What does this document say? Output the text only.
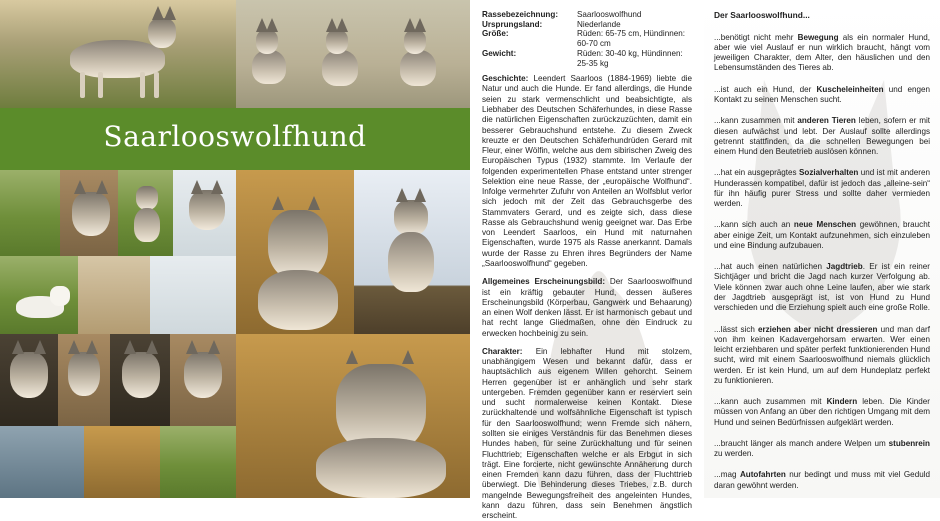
Saarlooswolfhund
Rassebezeichnung:	Saarlooswolfhund
Ursprungsland:	Niederlande
Größe:	Rüden: 65-75 cm, Hündinnen: 60-70 cm
Gewicht:	Rüden: 30-40 kg, Hündinnen: 25-35 kg

Geschichte: Leendert Saarloos (1884-1969) liebte die Natur und auch die Hunde. Er fand allerdings, die Hunde seien zu stark vermenschlicht und beabsichtigte, als Liebhaber des Deutschen Schäferhundes, in diese Rasse die natürlichen Eigenschaften zurückzuzüchten, damit ein besserer Gebrauchshund entstehe. Zu diesem Zweck kreuzte er den Deutschen Schäferhundrüden Gerard mit Fleur, einer Wölfin, welche aus dem sibirischen Zweig des Europäischen Typus (1932) stammte. Im Verlaufe der folgenden experimentellen Phase entstand unter strenger Selektion eine neue Rasse, der „europäische Wolfhund“. Infolge vermehrter Zufuhr von Anteilen an Wolfsblut verlor sich jedoch mit der Zeit das Gebrauchsgerbe des Stammvaters Gerard, und es zeigte sich, dass diese Rasse als Gebrauchshund wenig geeignet war. Das Erbe von Leendert Saarloos, ein Hund mit naturnahen Eigenschaften, wurde 1975 als Rasse anerkannt. Damals wurde der Rasse zu Ehren ihres Begründers der Name „Saarlooswolfhund“ gegeben.

Allgemeines Erscheinungsbild: Der Saarlooswolfhund ist ein kräftig gebauter Hund, dessen äußeres Erscheinungsbild (Körperbau, Gangwerk und Behaarung) an einen Wolf denken lässt. Er ist harmonisch gebaut und hat recht lange Gliedmaßen, ohne den Eindruck zu erwecken hochbeinig zu sein.

Charakter: Ein lebhafter Hund mit stolzem, unabhängigem Wesen und bekannt dafür, dass er hauptsächlich aus eigenem Willen gehorcht. Seinem Herren gegenüber ist er anhänglich und sehr stark untergeben. Fremden gegenüber kann er reserviert sein und sucht normalerweise keinen Kontakt. Diese zurückhaltende und wolfsähnliche Eigenschaft ist typisch für den Saarlooswolfhund; wenn Fremde sich nähern, sollten sie einiges Verständnis für das Benehmen dieses Hundes haben, für seine Zurückhaltung und für seinen Fluchttrieb; Eigenschaften welche er als Erbgut in sich trägt. Eine forcierte, nicht gewünschte Annäherung durch einen Fremden kann dazu führen, dass der Fluchttrieb überwiegt. Die Behinderung dieses Triebes, z.B. durch mangelnde Bewegungsfreiheit des angeleinten Hundes, kann dazu führen, dass sein Benehmen ängstlich erscheint.

Der Saarlooswolfhund...
...benötigt nicht mehr Bewegung als ein normaler Hund, aber wie viel Auslauf er nun wirklich braucht, hängt vom jeweiligen Charakter, dem Alter, den häuslichen und den Lebensumständen des Tieres ab.
...ist auch ein Hund, der Kuscheleinheiten und engen Kontakt zu seinen Menschen sucht.
...kann zusammen mit anderen Tieren leben, sofern er mit diesen aufwächst und lebt. Der Auslauf sollte allerdings getrennt stattfinden, da die schnellen Bewegungen bei einem Hund den Beutetrieb auslösen können.
...hat ein ausgeprägtes Sozialverhalten und ist mit anderen Hunderassen kompatibel, dafür ist jedoch das „alleine-sein“ für ihn häufig purer Stress und sollte daher vermieden werden.
...kann sich auch an neue Menschen gewöhnen, braucht aber einige Zeit, um Kontakt aufzunehmen, sich einzuleben und eine Bindung aufzubauen.
...hat auch einen natürlichen Jagdtrieb. Er ist ein reiner Sichtjäger und bricht die Jagd nach kurzer Verfolgung ab. Viele können zwar auch ohne Leine laufen, aber wie stark der Jagdtrieb ausgeprägt ist, ist von Hund zu Hund verschieden und die Erziehung spielt auch eine große Rolle.
...lässt sich erziehen aber nicht dressieren und man darf von ihm keinen Kadavergehorsam erwarten. Wer einen leicht erziehbaren und später perfekt funktionierenden Hund sucht, wird mit einem Saarlooswolfhund niemals glücklich werden. Er ist kein Hund, um auf dem Hundeplatz perfekt zu funktionieren.
...kann auch zusammen mit Kindern leben. Die Kinder müssen von Anfang an über den richtigen Umgang mit dem Hund und seinen Bedürfnissen aufgeklärt werden.
...braucht länger als manch andere Welpen um stubenrein zu werden.
...mag Autofahrten nur bedingt und muss mit viel Geduld daran gewöhnt werden.
